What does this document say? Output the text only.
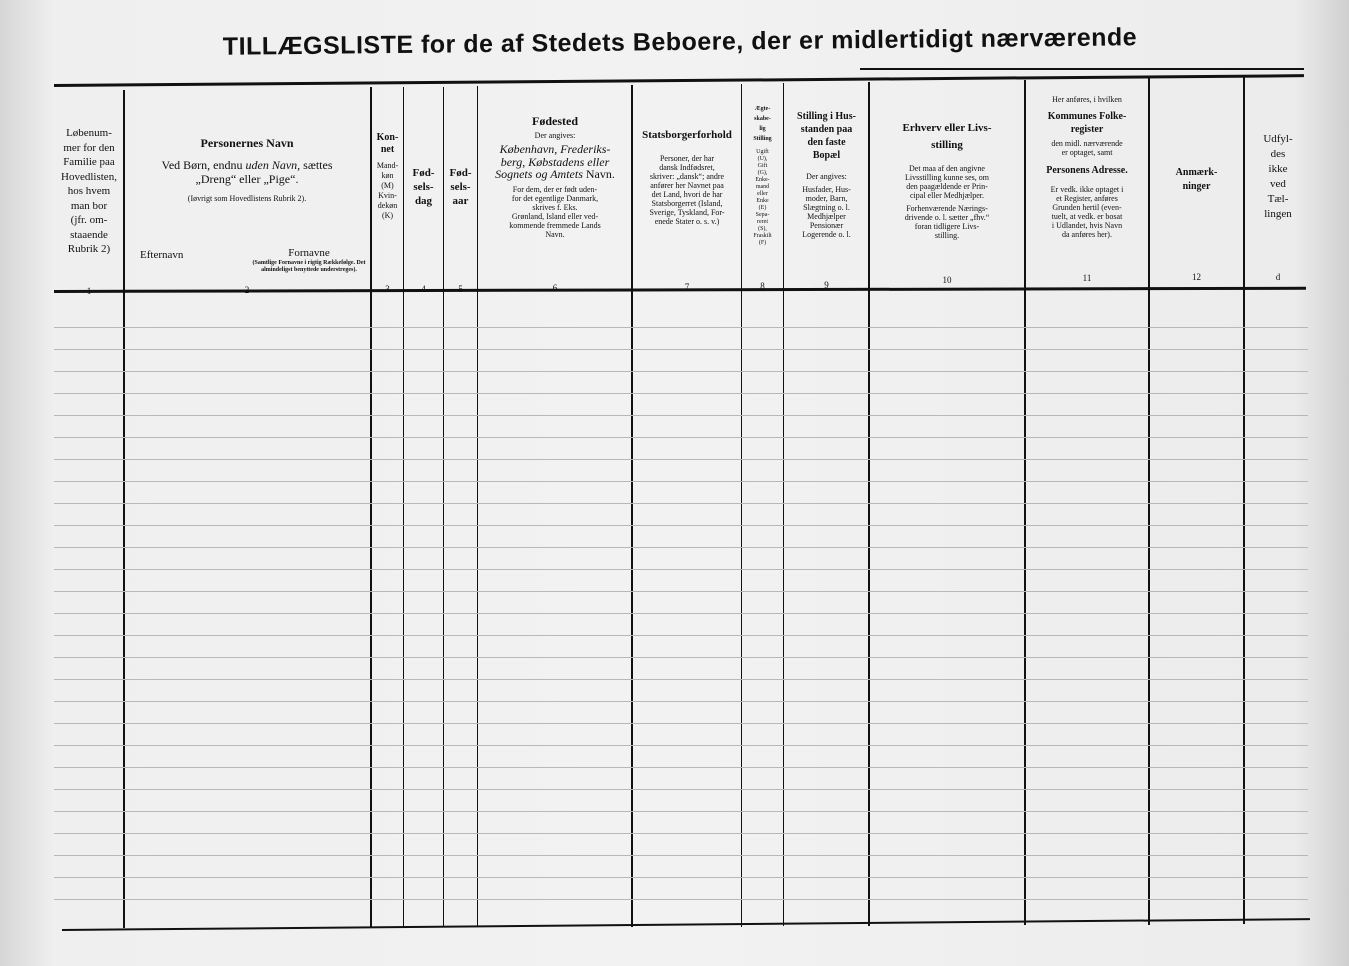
TILLÆGSLISTE for de af Stedets Beboere, der er midlertidigt nærværende
Løbenum-
mer for den
Familie paa
Hovedlisten,
hos hvem
man bor
(jfr. om-
staaende
Rubrik 2)
1
Personernes Navn
Ved Børn, endnu uden Navn, sættes
„Dreng“ eller „Pige“.
(Iøvrigt som Hovedlistens Rubrik 2).
Efternavn	Fornavne
(Samtlige Fornavne i rigtig Rækkefølge. Det almindeligst benyttede understreges).
2
Kon-
net
Mand-
køn
(M)
Kvin-
dekøn
(K)
3
Fød-
sels-
dag
4
Fød-
sels-
aar
5
Fødested
Der angives:
København, Frederiks-
berg, Købstadens eller
Sognets og Amtets Navn.
For dem, der er født uden-
for det egentlige Danmark,
skrives f. Eks.
Grønland, Island eller ved-
kommende fremmede Lands
Navn.
6
Statsborgerforhold
Personer, der har
dansk Indfødsret,
skriver: „dansk“; andre
anfører her Navnet paa
det Land, hvori de har
Statsborgerret (Island,
Sverige, Tyskland, For-
enede Stater o. s. v.)
7
Ægte-
skabe-
lig
Stilling
Ugift
(U),
Gift
(G),
Enke-
mand
eller
Enke
(E)
Sepa-
reret
(S),
Fraskilt
(F)
8
Stilling i Hus-
standen paa
den faste
Bopæl
Der angives:
Husfader, Hus-
moder, Barn,
Slægtning o. l.
Medhjælper
Pensionær
Logerende o. l.
9
Erhverv eller Livs-
stilling
Det maa af den angivne
Livsstilling kunne ses, om
den paagældende er Prin-
cipal eller Medhjælper.
Forhenværende Nærings-
drivende o. l. sætter „fhv.“
foran tidligere Livs-
stilling.
10
Her anføres, i hvilken
Kommunes Folke-
register
den midl. nærværende
er optaget, samt
Personens Adresse.
Er vedk. ikke optaget i
et Register, anføres
Grunden hertil (even-
tuelt, at vedk. er bosat
i Udlandet, hvis Navn
da anføres her).
11
Anmærk-
ninger
12
Udfyl-
des
ikke
ved
Tæl-
lingen
d
